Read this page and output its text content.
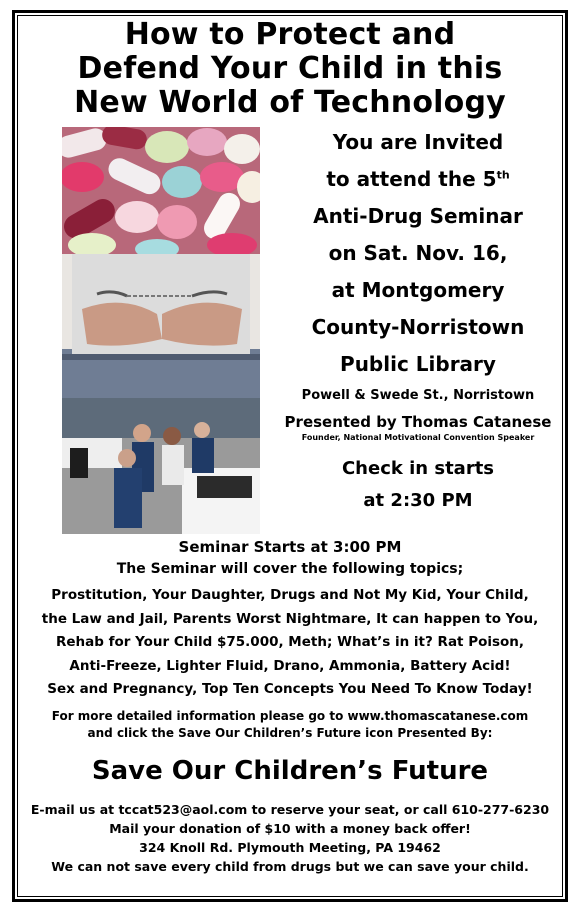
How to Protect and
Defend Your Child in this
New World of Technology
You are Invited
to attend the 5th
Anti-Drug Seminar
on Sat. Nov. 16,
at Montgomery
County-Norristown
Public Library
Powell & Swede St., Norristown
Presented by Thomas Catanese
Founder, National Motivational Convention Speaker
Check in starts
at 2:30 PM
Seminar Starts at 3:00 PM
The Seminar will cover the following topics;
Prostitution, Your Daughter, Drugs and Not My Kid, Your Child,
the Law and Jail, Parents Worst Nightmare, It can happen to You,
Rehab for Your Child $75.000, Meth; What’s in it? Rat Poison,
Anti-Freeze, Lighter Fluid, Drano, Ammonia, Battery Acid!
Sex and Pregnancy, Top Ten Concepts You Need To Know Today!
For more detailed information please go to www.thomascatanese.com
and click the Save Our Children’s Future icon Presented By:
Save Our Children’s Future
E-mail us at tccat523@aol.com to reserve your seat, or call 610-277-6230
Mail your donation of $10 with a money back offer!
324 Knoll Rd. Plymouth Meeting, PA 19462
We can not save every child from drugs but we can save your child.
